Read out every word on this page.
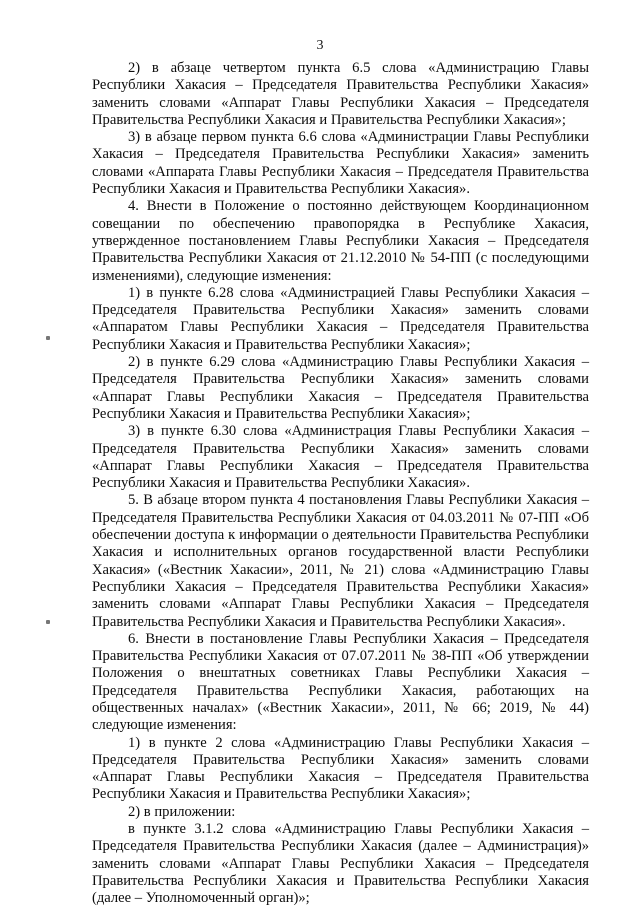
3

2) в абзаце четвертом пункта 6.5 слова «Администрацию Главы Республики Хакасия – Председателя Правительства Республики Хакасия» заменить словами «Аппарат Главы Республики Хакасия – Председателя Правительства Республики Хакасия и Правительства Республики Хакасия»;

3) в абзаце первом пункта 6.6 слова «Администрации Главы Республики Хакасия – Председателя Правительства Республики Хакасия» заменить словами «Аппарата Главы Республики Хакасия – Председателя Правительства Республики Хакасия и Правительства Республики Хакасия».

4. Внести в Положение о постоянно действующем Координационном совещании по обеспечению правопорядка в Республике Хакасия, утвержденное постановлением Главы Республики Хакасия – Председателя Правительства Республики Хакасия от 21.12.2010 № 54-ПП (с последующими изменениями), следующие изменения:

1) в пункте 6.28 слова «Администрацией Главы Республики Хакасия – Председателя Правительства Республики Хакасия» заменить словами «Аппаратом Главы Республики Хакасия – Председателя Правительства Республики Хакасия и Правительства Республики Хакасия»;

2) в пункте 6.29 слова «Администрацию Главы Республики Хакасия – Председателя Правительства Республики Хакасия» заменить словами «Аппарат Главы Республики Хакасия – Председателя Правительства Республики Хакасия и Правительства Республики Хакасия»;

3) в пункте 6.30 слова «Администрация Главы Республики Хакасия – Председателя Правительства Республики Хакасия» заменить словами «Аппарат Главы Республики Хакасия – Председателя Правительства Республики Хакасия и Правительства Республики Хакасия».

5. В абзаце втором пункта 4 постановления Главы Республики Хакасия – Председателя Правительства Республики Хакасия от 04.03.2011 № 07-ПП «Об обеспечении доступа к информации о деятельности Правительства Республики Хакасия и исполнительных органов государственной власти Республики Хакасия» («Вестник Хакасии», 2011, № 21) слова «Администрацию Главы Республики Хакасия – Председателя Правительства Республики Хакасия» заменить словами «Аппарат Главы Республики Хакасия – Председателя Правительства Республики Хакасия и Правительства Республики Хакасия».

6. Внести в постановление Главы Республики Хакасия – Председателя Правительства Республики Хакасия от 07.07.2011 № 38-ПП «Об утверждении Положения о внештатных советниках Главы Республики Хакасия – Председателя Правительства Республики Хакасия, работающих на общественных началах» («Вестник Хакасии», 2011, № 66; 2019, № 44) следующие изменения:

1) в пункте 2 слова «Администрацию Главы Республики Хакасия – Председателя Правительства Республики Хакасия» заменить словами «Аппарат Главы Республики Хакасия – Председателя Правительства Республики Хакасия и Правительства Республики Хакасия»;

2) в приложении:

в пункте 3.1.2 слова «Администрацию Главы Республики Хакасия – Председателя Правительства Республики Хакасия (далее – Администрация)» заменить словами «Аппарат Главы Республики Хакасия – Председателя Правительства Республики Хакасия и Правительства Республики Хакасия (далее – Уполномоченный орган)»;
